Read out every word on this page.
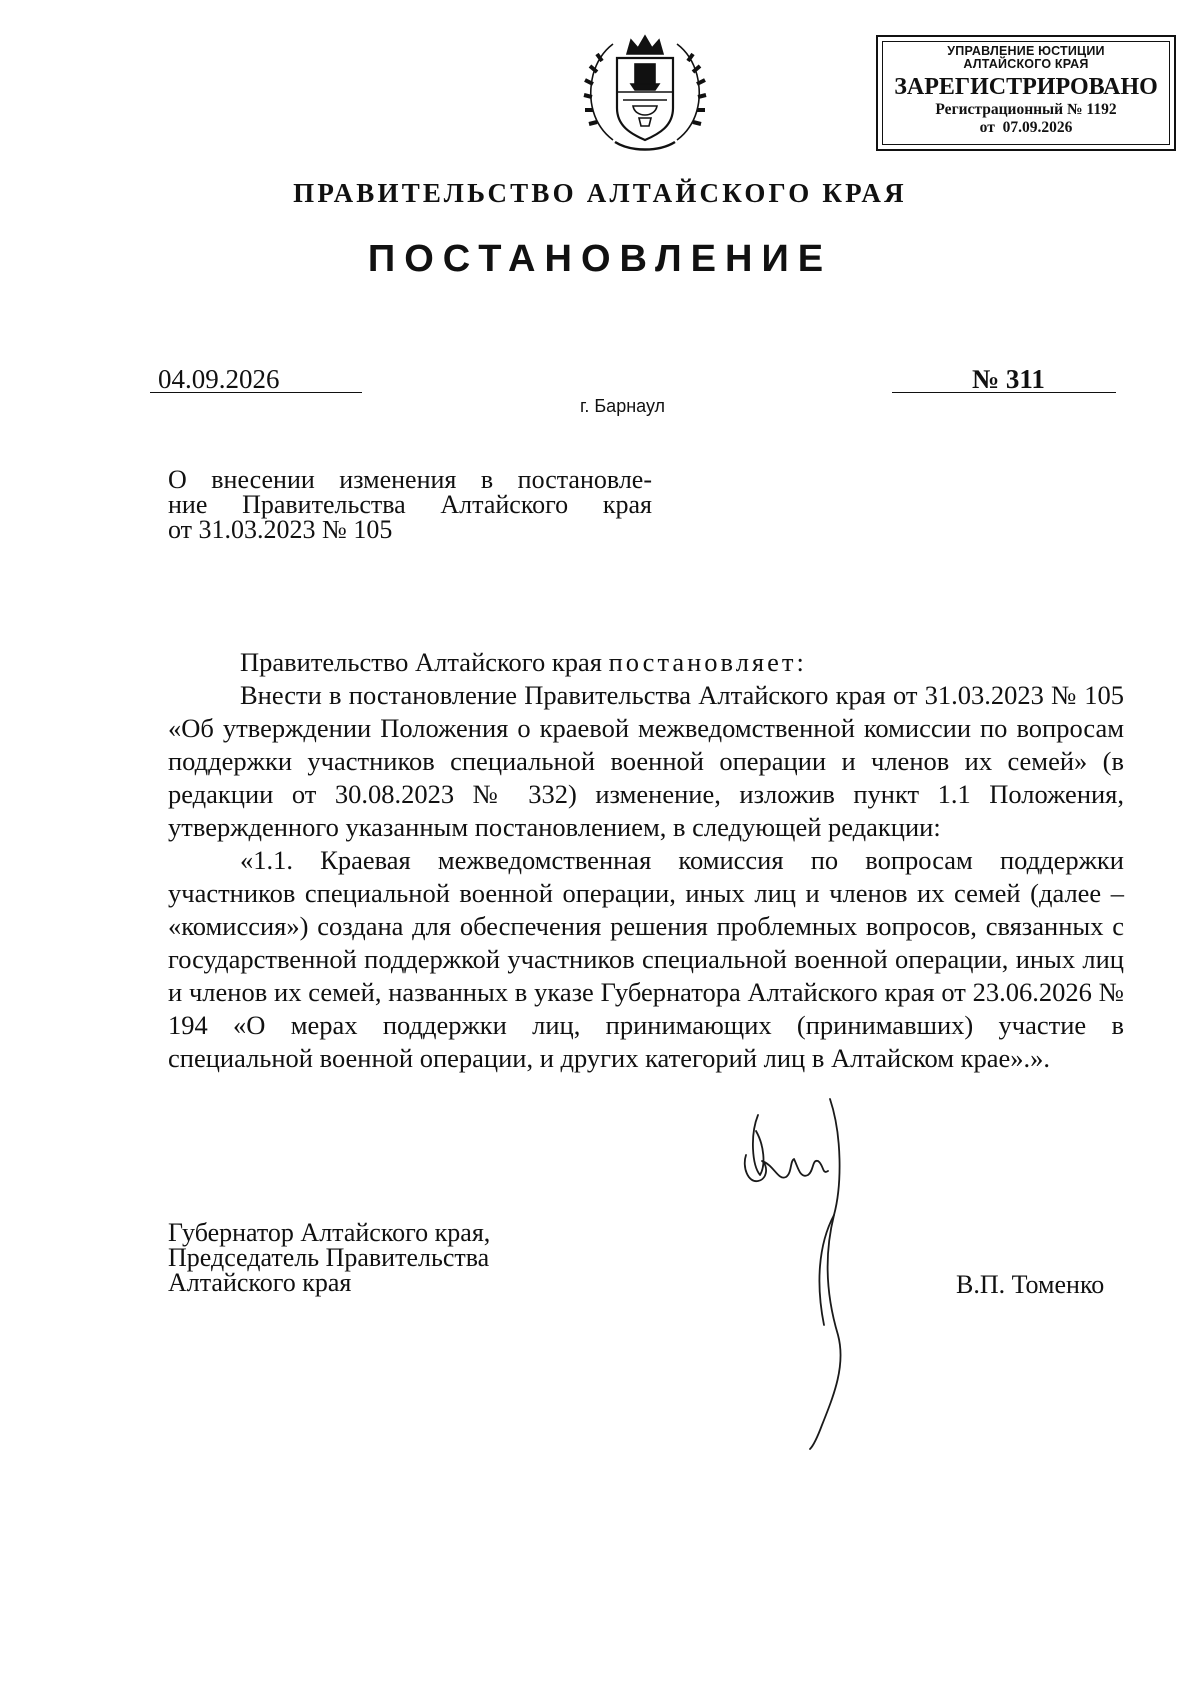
УПРАВЛЕНИЕ ЮСТИЦИИ
АЛТАЙСКОГО КРАЯ
ЗАРЕГИСТРИРОВАНО
Регистрационный № 1192
от 07.09.2026
ПРАВИТЕЛЬСТВО АЛТАЙСКОГО КРАЯ
ПОСТАНОВЛЕНИЕ
04.09.2026	№ 311
г. Барнаул
О внесении изменения в постановле-
ние Правительства Алтайского края
от 31.03.2023 № 105

Правительство Алтайского края постановляет:

Внести в постановление Правительства Алтайского края от 31.03.2023 № 105 «Об утверждении Положения о краевой межведомственной комиссии по вопросам поддержки участников специальной военной операции и членов их семей» (в редакции от 30.08.2023 № 332) изменение, изложив пункт 1.1 Положения, утвержденного указанным постановлением, в следующей редакции:

«1.1. Краевая межведомственная комиссия по вопросам поддержки участников специальной военной операции, иных лиц и членов их семей (далее – «комиссия») создана для обеспечения решения проблемных вопросов, связанных с государственной поддержкой участников специальной военной операции, иных лиц и членов их семей, названных в указе Губернатора Алтайского края от 23.06.2026 № 194 «О мерах поддержки лиц, принимающих (принимавших) участие в специальной военной операции, и других категорий лиц в Алтайском крае».».

Губернатор Алтайского края,
Председатель Правительства
Алтайского края	В.П. Томенко
